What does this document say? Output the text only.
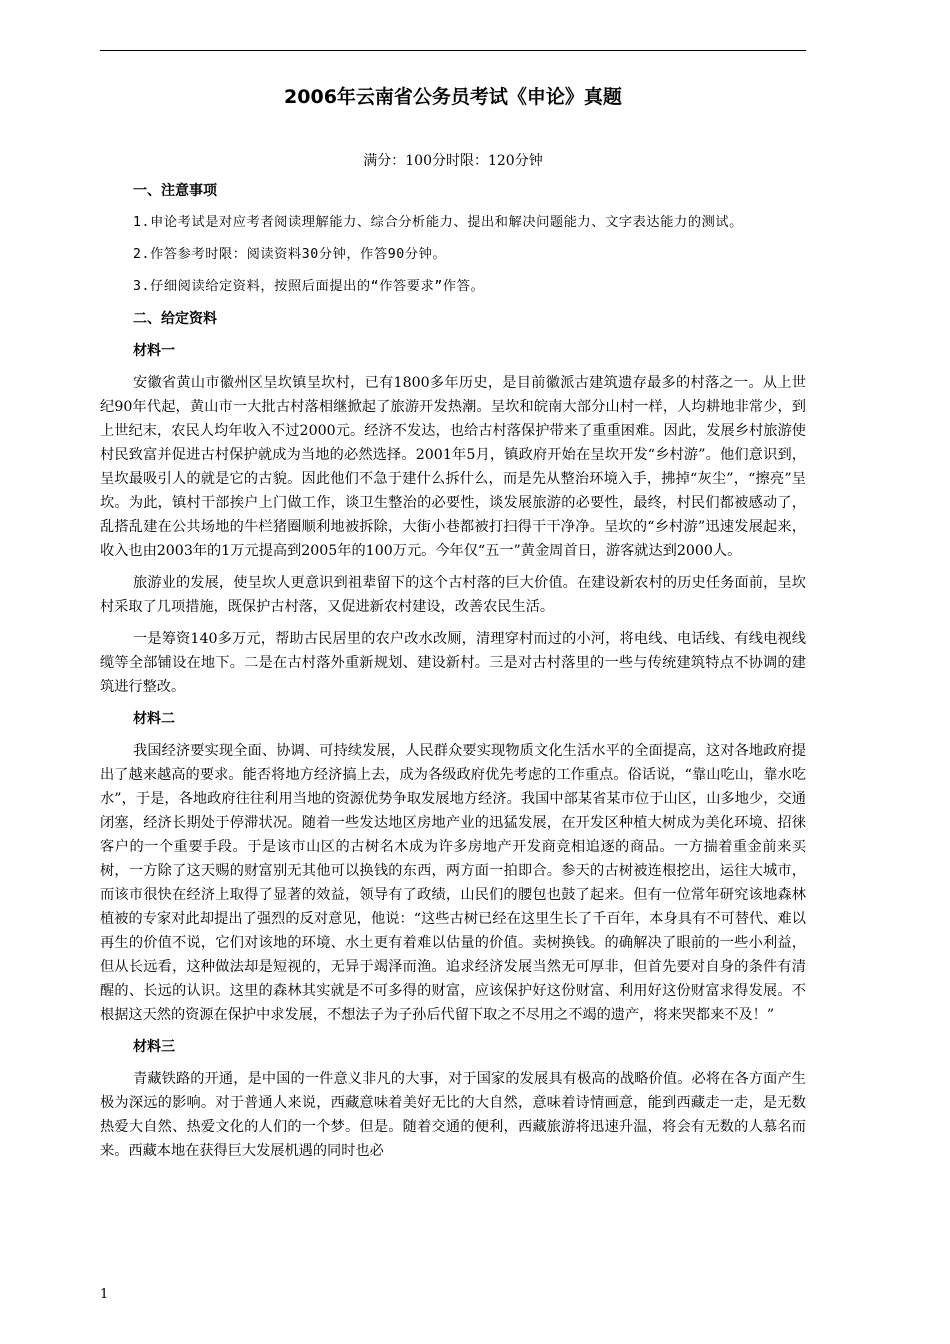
2006年云南省公务员考试《申论》真题
满分：100分时限：120分钟

一、注意事项

1.申论考试是对应考者阅读理解能力、综合分析能力、提出和解决问题能力、文字表达能力的测试。

2.作答参考时限：阅读资料30分钟，作答90分钟。

3.仔细阅读给定资料，按照后面提出的“作答要求”作答。

二、给定资料

材料一

安徽省黄山市徽州区呈坎镇呈坎村，已有1800多年历史，是目前徽派古建筑遗存最多的村落之一。从上世纪90年代起，黄山市一大批古村落相继掀起了旅游开发热潮。呈坎和皖南大部分山村一样，人均耕地非常少，到上世纪末，农民人均年收入不过2000元。经济不发达，也给古村落保护带来了重重困难。因此，发展乡村旅游使村民致富并促进古村保护就成为当地的必然选择。2001年5月，镇政府开始在呈坎开发“乡村游”。他们意识到，呈坎最吸引人的就是它的古貌。因此他们不急于建什么拆什么，而是先从整治环境入手，拂掉“灰尘”，“擦亮”呈坎。为此，镇村干部挨户上门做工作，谈卫生整治的必要性，谈发展旅游的必要性，最终，村民们都被感动了，乱搭乱建在公共场地的牛栏猪圈顺利地被拆除，大街小巷都被打扫得干干净净。呈坎的“乡村游”迅速发展起来，收入也由2003年的1万元提高到2005年的100万元。今年仅“五一”黄金周首日，游客就达到2000人。

旅游业的发展，使呈坎人更意识到祖辈留下的这个古村落的巨大价值。在建设新农村的历史任务面前，呈坎村采取了几项措施，既保护古村落，又促进新农村建设，改善农民生活。

一是筹资140多万元，帮助古民居里的农户改水改厕，清理穿村而过的小河，将电线、电话线、有线电视线缆等全部铺设在地下。二是在古村落外重新规划、建设新村。三是对古村落里的一些与传统建筑特点不协调的建筑进行整改。

材料二

我国经济要实现全面、协调、可持续发展，人民群众要实现物质文化生活水平的全面提高，这对各地政府提出了越来越高的要求。能否将地方经济搞上去，成为各级政府优先考虑的工作重点。俗话说，“靠山吃山，靠水吃水”，于是，各地政府往往利用当地的资源优势争取发展地方经济。我国中部某省某市位于山区，山多地少，交通闭塞，经济长期处于停滞状况。随着一些发达地区房地产业的迅猛发展，在开发区种植大树成为美化环境、招徕客户的一个重要手段。于是该市山区的古树名木成为许多房地产开发商竞相追逐的商品。一方揣着重金前来买树，一方除了这天赐的财富别无其他可以换钱的东西，两方面一拍即合。参天的古树被连根挖出，运往大城市，而该市很快在经济上取得了显著的效益，领导有了政绩，山民们的腰包也鼓了起来。但有一位常年研究该地森林植被的专家对此却提出了强烈的反对意见，他说：“这些古树已经在这里生长了千百年，本身具有不可替代、难以再生的价值不说，它们对该地的环境、水土更有着难以估量的价值。卖树换钱。的确解决了眼前的一些小利益，但从长远看，这种做法却是短视的，无异于竭泽而渔。追求经济发展当然无可厚非，但首先要对自身的条件有清醒的、长远的认识。这里的森林其实就是不可多得的财富，应该保护好这份财富、利用好这份财富求得发展。不根据这天然的资源在保护中求发展，不想法子为子孙后代留下取之不尽用之不竭的遗产，将来哭都来不及！”

材料三

青藏铁路的开通，是中国的一件意义非凡的大事，对于国家的发展具有极高的战略价值。必将在各方面产生极为深远的影响。对于普通人来说，西藏意味着美好无比的大自然，意味着诗情画意，能到西藏走一走，是无数热爱大自然、热爱文化的人们的一个梦。但是。随着交通的便利，西藏旅游将迅速升温，将会有无数的人慕名而来。西藏本地在获得巨大发展机遇的同时也必

1
